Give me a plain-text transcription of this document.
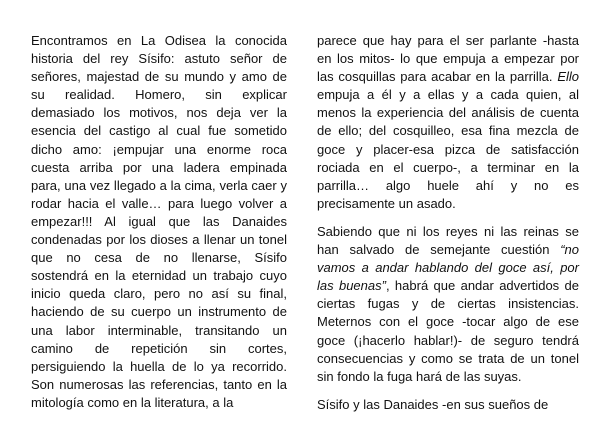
Encontramos en La Odisea la conocida historia del rey Sísifo: astuto señor de señores, majestad de su mundo y amo de su realidad. Homero, sin explicar demasiado los motivos, nos deja ver la esencia del castigo al cual fue sometido dicho amo: ¡empujar una enorme roca cuesta arriba por una ladera empinada para, una vez llegado a la cima, verla caer y rodar hacia el valle… para luego volver a empezar!!! Al igual que las Danaides condenadas por los dioses a llenar un tonel que no cesa de no llenarse, Sísifo sostendrá en la eternidad un trabajo cuyo inicio queda claro, pero no así su final, haciendo de su cuerpo un instrumento de una labor interminable, transitando un camino de repetición sin cortes, persiguiendo la huella de lo ya recorrido. Son numerosas las referencias, tanto en la mitología como en la literatura, a la

parece que hay para el ser parlante -hasta en los mitos- lo que empuja a empezar por las cosquillas para acabar en la parrilla. Ello empuja a él y a ellas y a cada quien, al menos la experiencia del análisis de cuenta de ello; del cosquilleo, esa fina mezcla de goce y placer-esa pizca de satisfacción rociada en el cuerpo-, a terminar en la parrilla… algo huele ahí y no es precisamente un asado.

Sabiendo que ni los reyes ni las reinas se han salvado de semejante cuestión “no vamos a andar hablando del goce así, por las buenas”, habrá que andar advertidos de ciertas fugas y de ciertas insistencias. Meternos con el goce -tocar algo de ese goce (¡hacerlo hablar!)- de seguro tendrá consecuencias y como se trata de un tonel sin fondo la fuga hará de las suyas.

Sísifo y las Danaides -en sus sueños de
